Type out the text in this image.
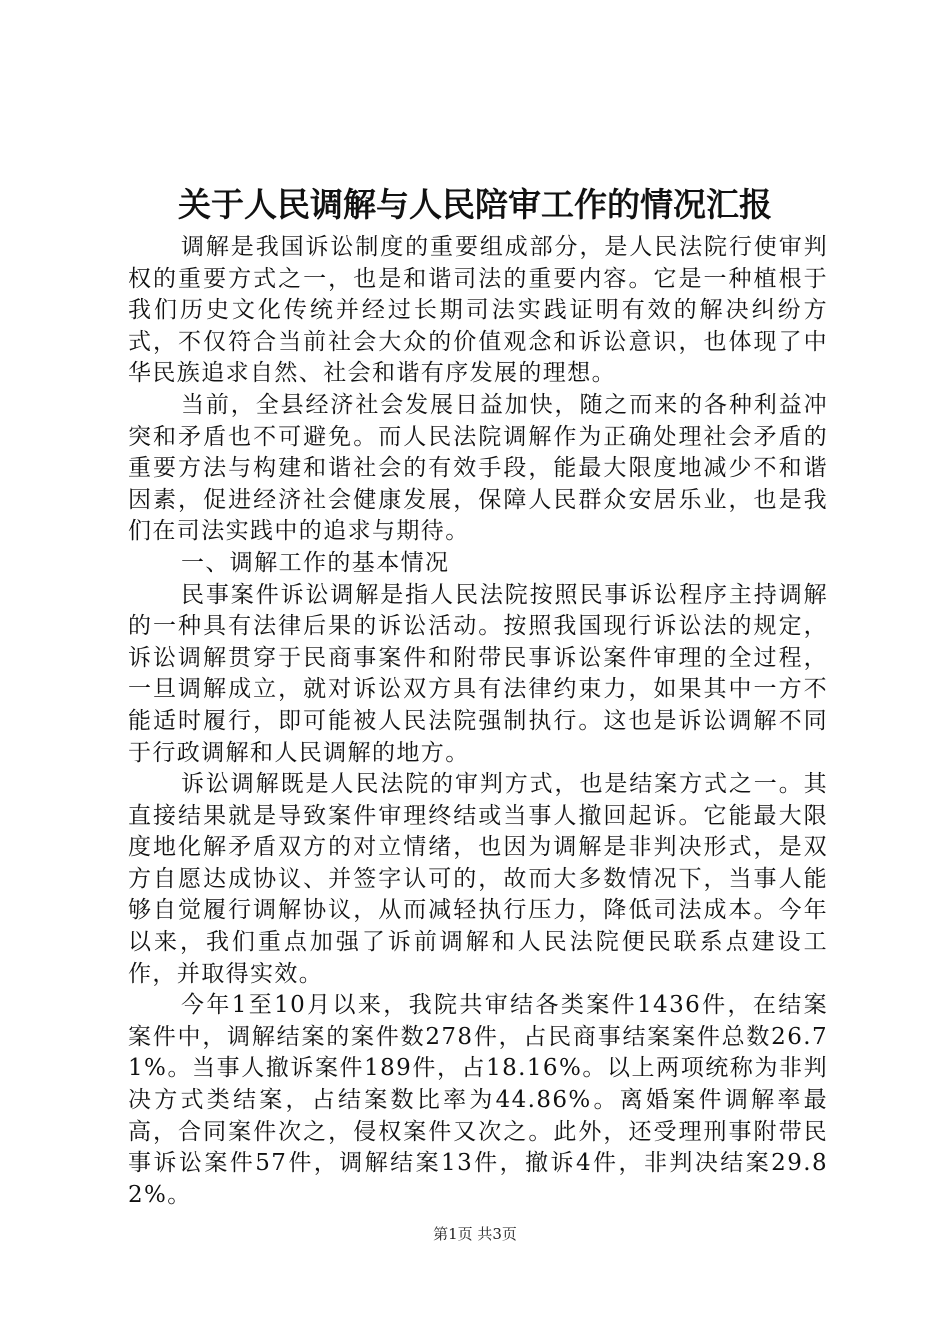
关于人民调解与人民陪审工作的情况汇报

调解是我国诉讼制度的重要组成部分，是人民法院行使审判权的重要方式之一，也是和谐司法的重要内容。它是一种植根于我们历史文化传统并经过长期司法实践证明有效的解决纠纷方式，不仅符合当前社会大众的价值观念和诉讼意识，也体现了中华民族追求自然、社会和谐有序发展的理想。

当前，全县经济社会发展日益加快，随之而来的各种利益冲突和矛盾也不可避免。而人民法院调解作为正确处理社会矛盾的重要方法与构建和谐社会的有效手段，能最大限度地减少不和谐因素，促进经济社会健康发展，保障人民群众安居乐业，也是我们在司法实践中的追求与期待。

一、调解工作的基本情况

民事案件诉讼调解是指人民法院按照民事诉讼程序主持调解的一种具有法律后果的诉讼活动。按照我国现行诉讼法的规定，诉讼调解贯穿于民商事案件和附带民事诉讼案件审理的全过程，一旦调解成立，就对诉讼双方具有法律约束力，如果其中一方不能适时履行，即可能被人民法院强制执行。这也是诉讼调解不同于行政调解和人民调解的地方。

诉讼调解既是人民法院的审判方式，也是结案方式之一。其直接结果就是导致案件审理终结或当事人撤回起诉。它能最大限度地化解矛盾双方的对立情绪，也因为调解是非判决形式，是双方自愿达成协议、并签字认可的，故而大多数情况下，当事人能够自觉履行调解协议，从而减轻执行压力，降低司法成本。今年以来，我们重点加强了诉前调解和人民法院便民联系点建设工作，并取得实效。

今年1至10月以来，我院共审结各类案件1436件，在结案案件中，调解结案的案件数278件，占民商事结案案件总数26.71%。当事人撤诉案件189件，占18.16%。以上两项统称为非判决方式类结案，占结案数比率为44.86%。离婚案件调解率最高，合同案件次之，侵权案件又次之。此外，还受理刑事附带民事诉讼案件57件，调解结案13件，撤诉4件，非判决结案29.82%。

第1页 共3页
